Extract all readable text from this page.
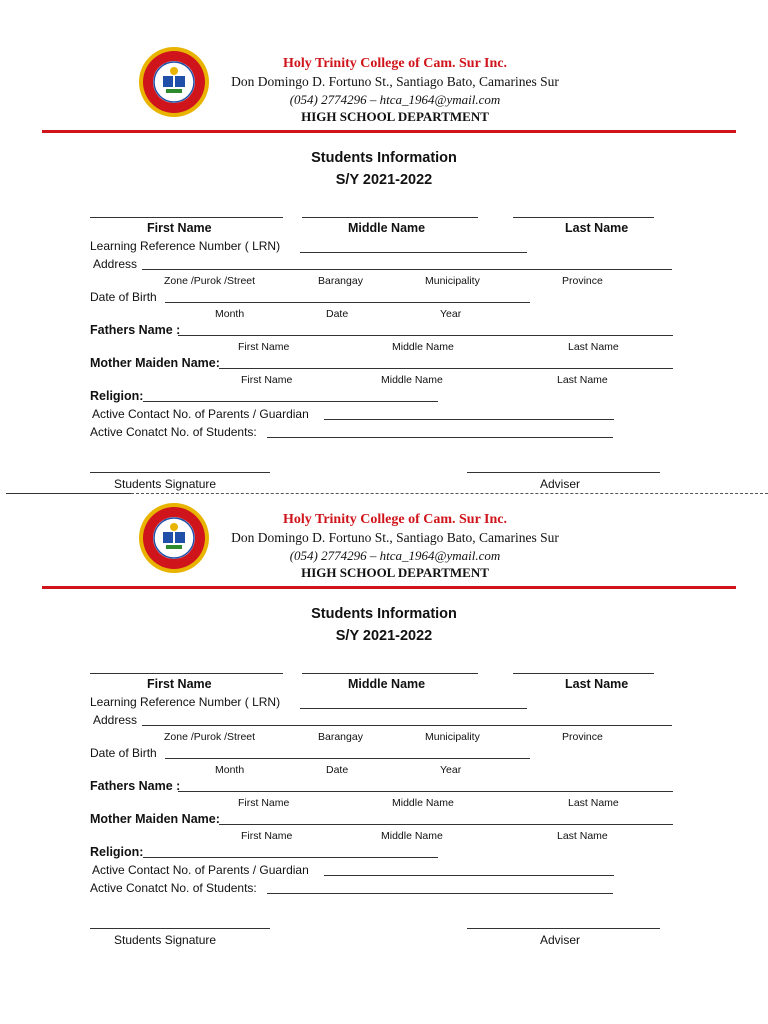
Holy Trinity College of Cam. Sur Inc.
Don Domingo D. Fortuno St., Santiago Bato, Camarines Sur
(054) 2774296 – htca_1964@ymail.com
HIGH SCHOOL DEPARTMENT
Students Information
S/Y 2021-2022
First Name	Middle Name	Last Name
Learning Reference Number ( LRN)
Address
Zone /Purok /Street	Barangay	Municipality	Province
Date of Birth
Month	Date	Year
Fathers Name :
First Name	Middle Name	Last Name
Mother Maiden Name:
First Name	Middle Name	Last Name
Religion:
Active Contact No. of Parents / Guardian
Active Conatct No. of Students:
Students Signature	Adviser
Holy Trinity College of Cam. Sur Inc.
Don Domingo D. Fortuno St., Santiago Bato, Camarines Sur
(054) 2774296 – htca_1964@ymail.com
HIGH SCHOOL DEPARTMENT
Students Information
S/Y 2021-2022
First Name	Middle Name	Last Name
Learning Reference Number ( LRN)
Address
Zone /Purok /Street	Barangay	Municipality	Province
Date of Birth
Month	Date	Year
Fathers Name :
First Name	Middle Name	Last Name
Mother Maiden Name:
First Name	Middle Name	Last Name
Religion:
Active Contact No. of Parents / Guardian
Active Conatct No. of Students:
Students Signature	Adviser
